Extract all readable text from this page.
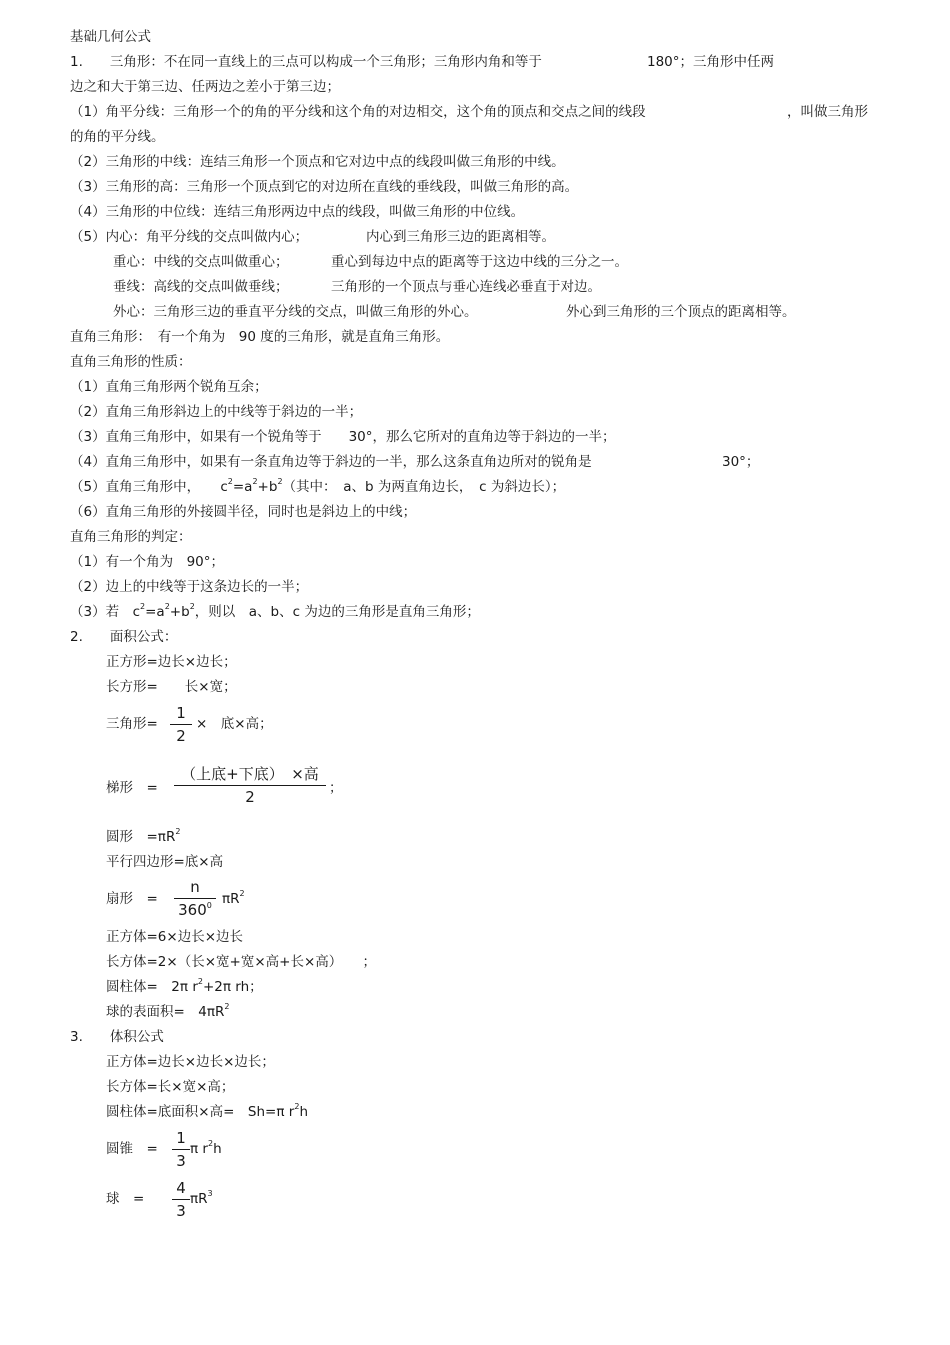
基础几何公式
1.　　三角形：不在同一直线上的三点可以构成一个三角形；三角形内角和等于	180°；三角形中任两
边之和大于第三边、任两边之差小于第三边；
（1）角平分线：三角形一个的角的平分线和这个角的对边相交，这个角的顶点和交点之间的线段	，叫做三角形
的角的平分线。
（2）三角形的中线：连结三角形一个顶点和它对边中点的线段叫做三角形的中线。
（3）三角形的高：三角形一个顶点到它的对边所在直线的垂线段，叫做三角形的高。
（4）三角形的中位线：连结三角形两边中点的线段，叫做三角形的中位线。
（5）内心：角平分线的交点叫做内心；	内心到三角形三边的距离相等。
重心：中线的交点叫做重心；	重心到每边中点的距离等于这边中线的三分之一。
垂线：高线的交点叫做垂线；	三角形的一个顶点与垂心连线必垂直于对边。
外心：三角形三边的垂直平分线的交点，叫做三角形的外心。	外心到三角形的三个顶点的距离相等。
直角三角形：　有一个角为　90 度的三角形，就是直角三角形。
直角三角形的性质：
（1）直角三角形两个锐角互余；
（2）直角三角形斜边上的中线等于斜边的一半；
（3）直角三角形中，如果有一个锐角等于　　30°，那么它所对的直角边等于斜边的一半；
（4）直角三角形中，如果有一条直角边等于斜边的一半，那么这条直角边所对的锐角是	30°；
（5）直角三角形中，　　$c^2=a^2+b^2$（其中：　a、b 为两直角边长，　c 为斜边长）；
（6）直角三角形的外接圆半径，同时也是斜边上的中线；
直角三角形的判定：
（1）有一个角为　90°；
（2）边上的中线等于这条边长的一半；
（3）若　$c^2=a^2+b^2$，则以　a、b、c 为边的三角形是直角三角形；
2.　　面积公式：
正方形=边长×边长；
长方形=　　长×宽；
三角形=
1
2
×　底×高；
梯形　=
（上底+下底）　×高
2	；
圆形　$=\pi R^2$
平行四边形=底×高
扇形　=
n
$360^0$ $\pi R^2$
正方体=6×边长×边长
长方体=2×（长×宽+宽×高+长×高）　　；
圆柱体=　2π $r^2+2\pi$ rh；
球的表面积=　$4\pi R^2$
3.　　体积公式
正方体=边长×边长×边长；
长方体=长×宽×高；
圆柱体=底面积×高=　Sh=π $r^2h$
圆锥　=
1
3
π $r^2h$
球　=
4
3
$\pi R^3$
